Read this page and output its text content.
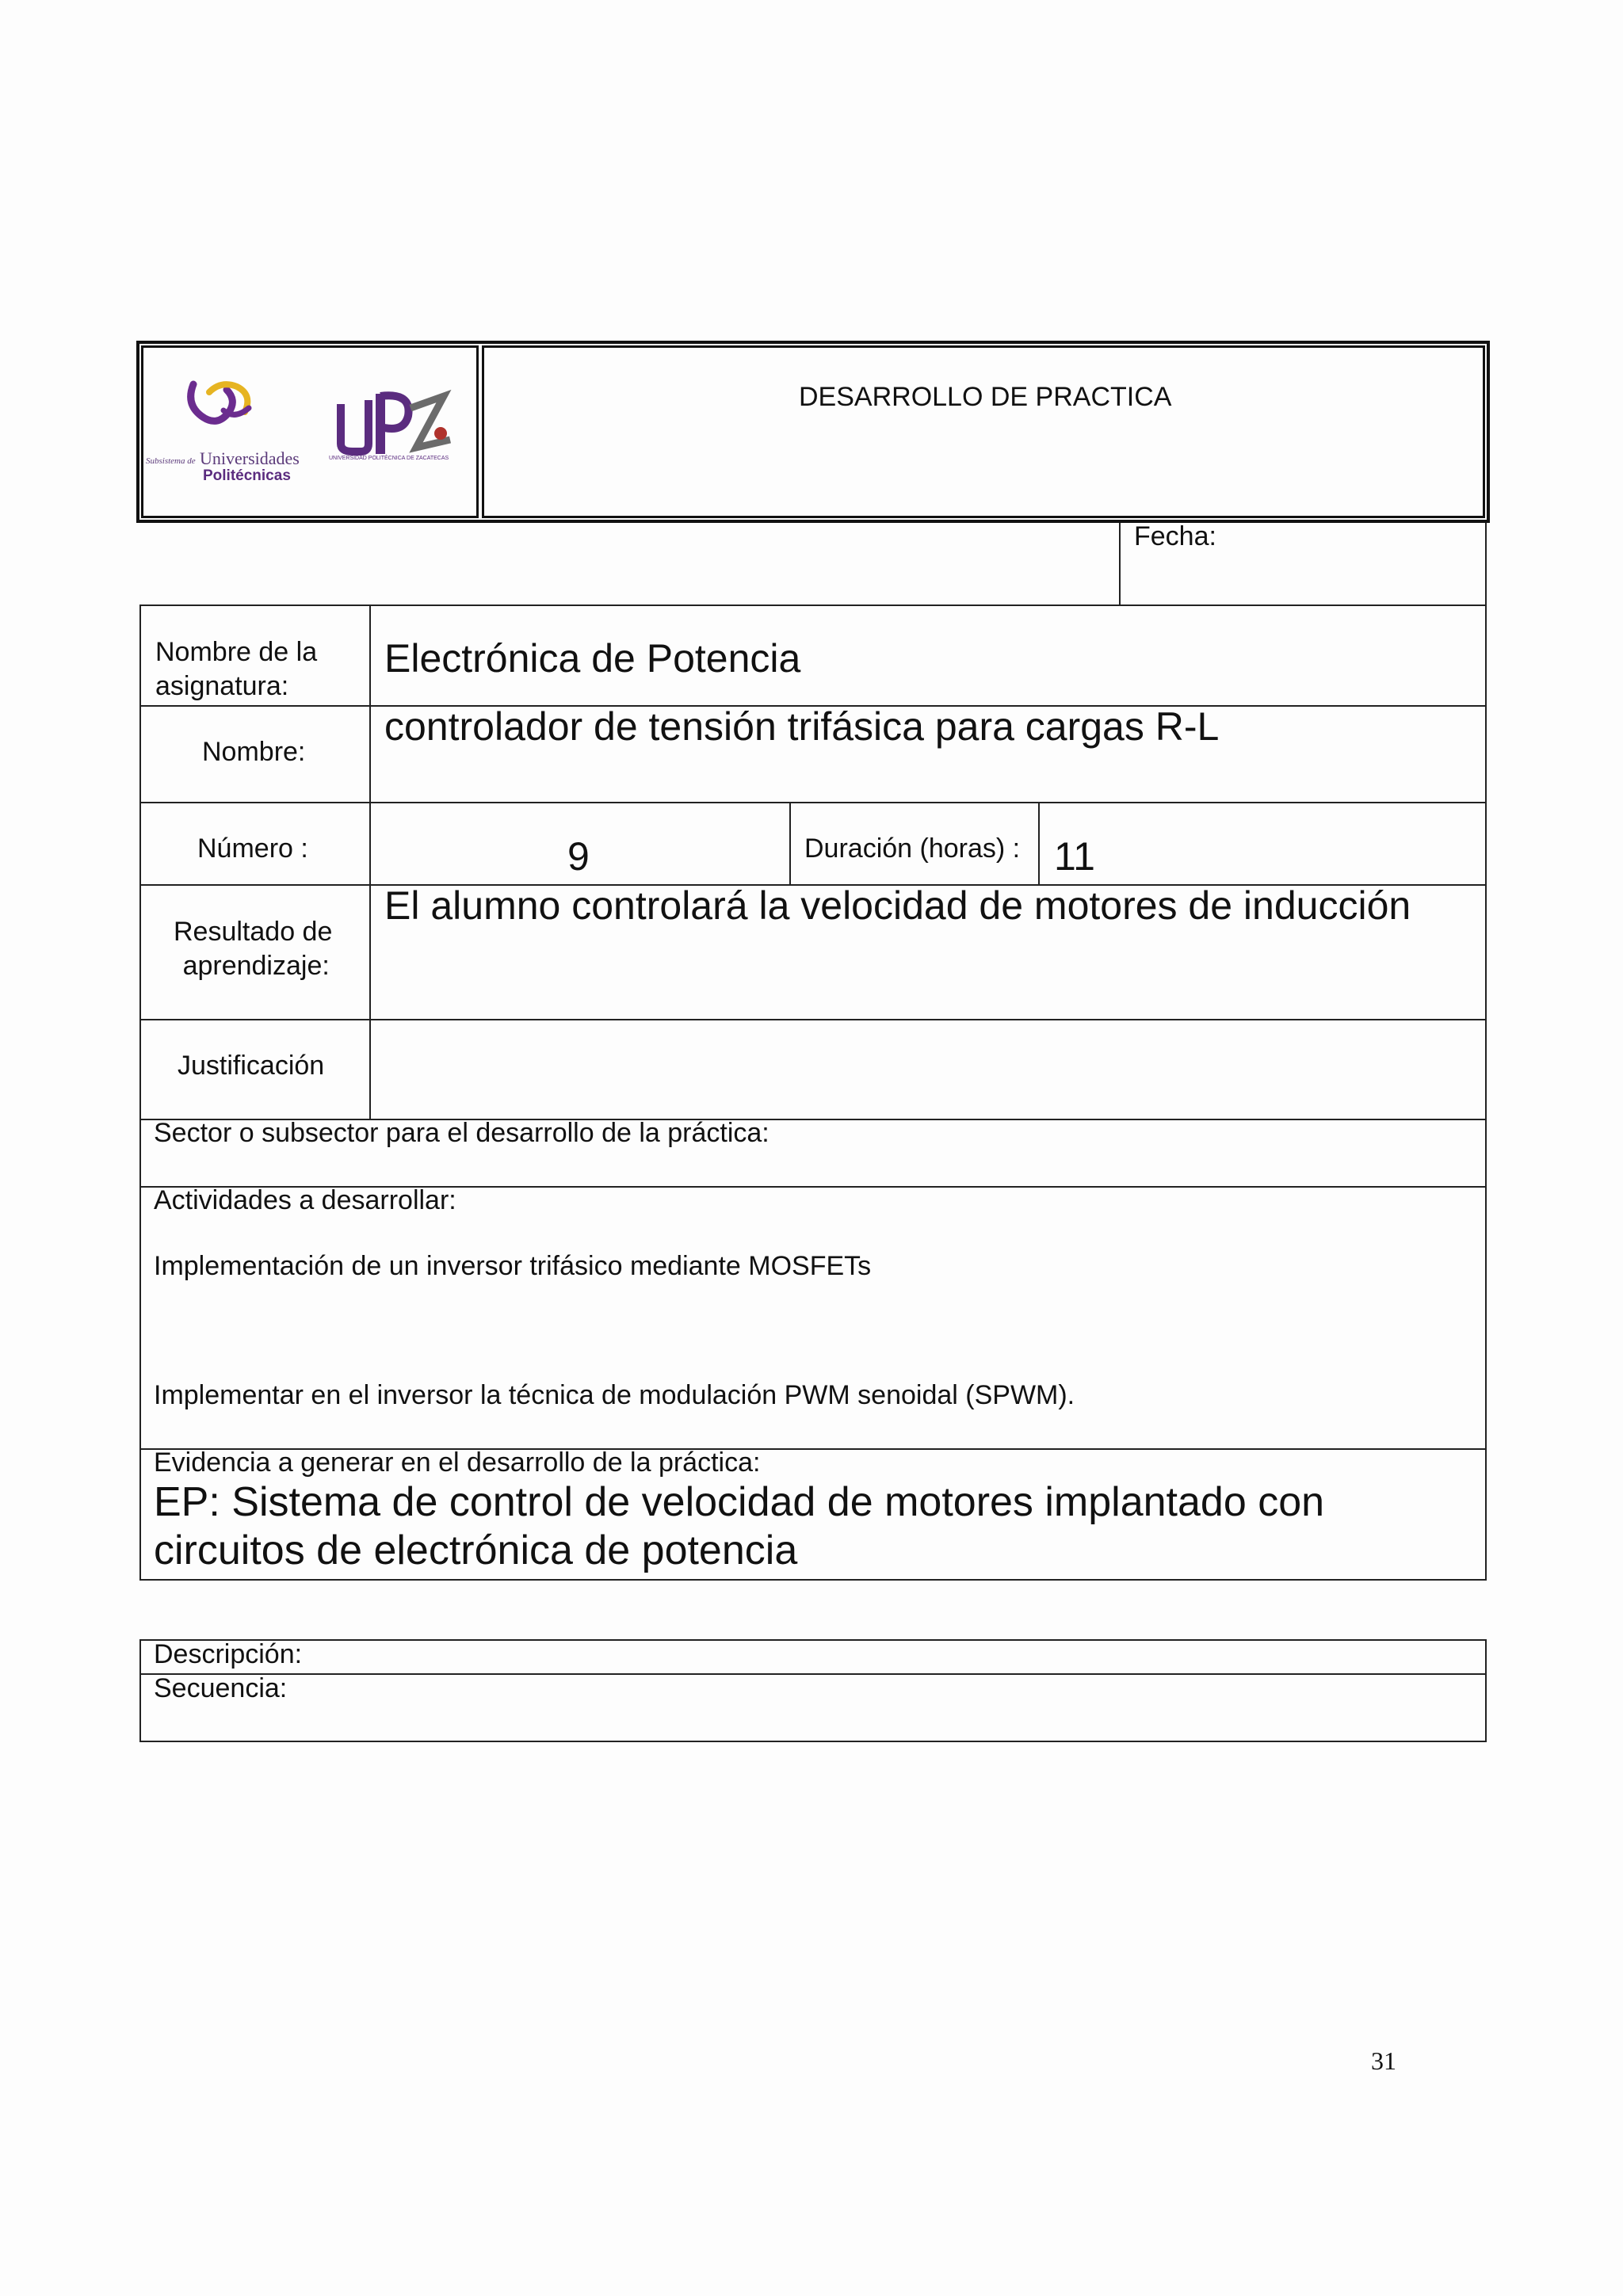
Subsistema de Universidades
Politécnicas
UNIVERSIDAD POLITÉCNICA DE ZACATECAS
DESARROLLO DE PRACTICA
Fecha:
Nombre de la
asignatura:
Electrónica de Potencia
Nombre:
controlador de tensión trifásica para cargas R-L
Número :	9	Duración (horas) : 11
Resultado de
aprendizaje:
El alumno controlará la velocidad de motores de inducción
Justificación
Sector o subsector para el desarrollo de la práctica:
Actividades a desarrollar:
Implementación de un inversor trifásico mediante MOSFETs
Implementar en el inversor la técnica de modulación PWM senoidal (SPWM).
Evidencia a generar en el desarrollo de la práctica:
EP: Sistema de control de velocidad de motores implantado con
circuitos de electrónica de potencia
Descripción:
Secuencia:
31
